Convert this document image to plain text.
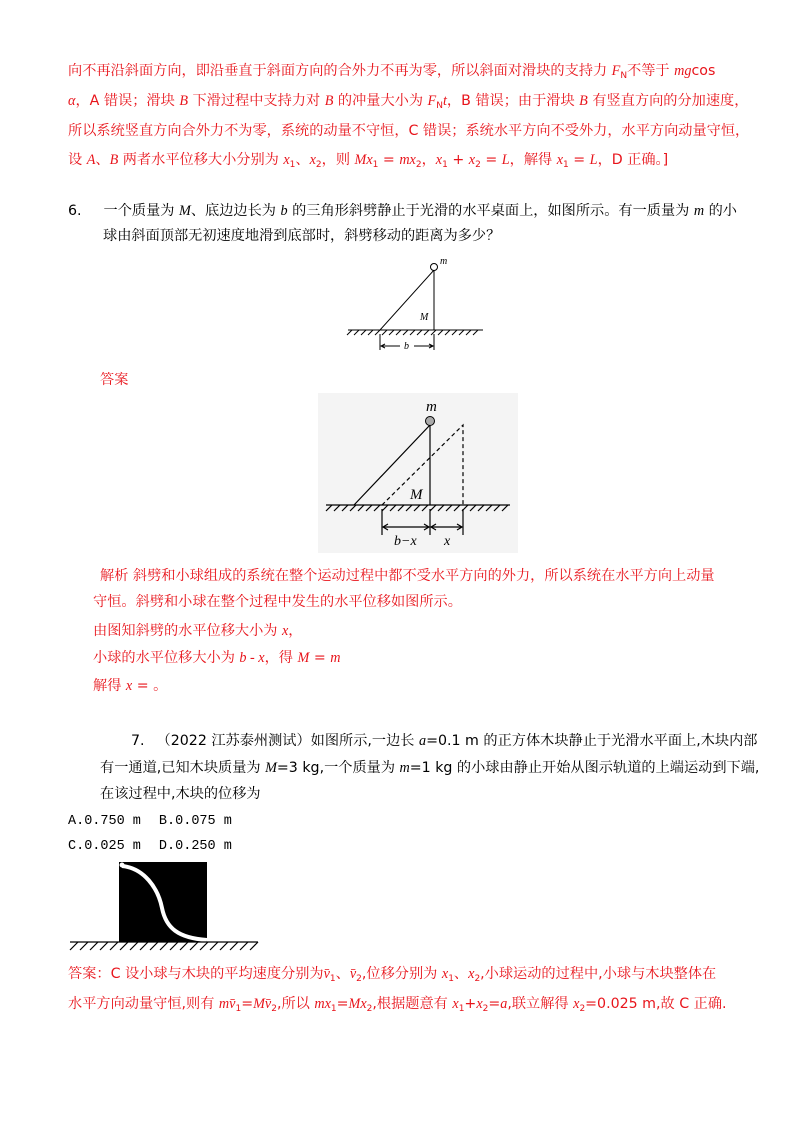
向不再沿斜面方向，即沿垂直于斜面方向的合外力不再为零，所以斜面对滑块的支持力 $F_N$不等于 mgcos
α，A 错误；滑块 B 下滑过程中支持力对 B 的冲量大小为 $F_Nt$，B 错误；由于滑块 B 有竖直方向的分加速度，
所以系统竖直方向合外力不为零，系统的动量不守恒，C 错误；系统水平方向不受外力，水平方向动量守恒，
设 A、B 两者水平位移大小分别为 $x_1$、$x_2$，则 $Mx_1 = mx_2$，$x_1 + x_2 = L$，解得 $x_1 = L$，D 正确。]
6. 一个质量为 M、底边边长为 b 的三角形斜劈静止于光滑的水平桌面上，如图所示。有一质量为 m 的小
球由斜面顶部无初速度地滑到底部时，斜劈移动的距离为多少？
m
M
b
答案
m
M
b−x x
解析 斜劈和小球组成的系统在整个运动过程中都不受水平方向的外力，所以系统在水平方向上动量
守恒。斜劈和小球在整个过程中发生的水平位移如图所示。
由图知斜劈的水平位移大小为 x，
小球的水平位移大小为 b - x，得 M = m
解得 x = 。
7. （2022 江苏泰州测试）如图所示,一边长 a=0.1 m 的正方体木块静止于光滑水平面上,木块内部
有一通道,已知木块质量为 M=3 kg,一个质量为 m=1 kg 的小球由静止开始从图示轨道的上端运动到下端,
在该过程中,木块的位移为
A.0.750 m B.0.075 m
C.0.025 m D.0.250 m
答案：C 设小球与木块的平均速度分别为$v̄_1$、$v̄_2$,位移分别为 $x_1$、$x_2$,小球运动的过程中,小球与木块整体在
水平方向动量守恒,则有 $mv̄_1=Mv̄_2$,所以 $mx_1=Mx_2$,根据题意有 $x_1+x_2=a$,联立解得 $x_2=0.025$ m,故 C 正确.
